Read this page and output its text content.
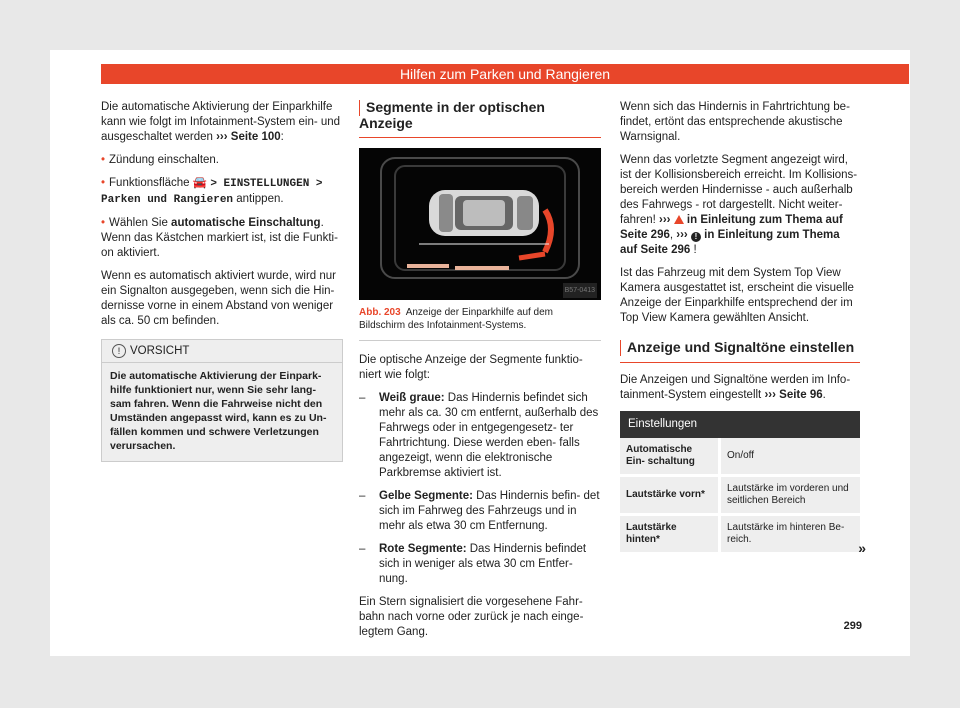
Hilfen zum Parken und Rangieren

Die automatische Aktivierung der Einparkhilfe kann wie folgt im Infotainment-System ein- und ausgeschaltet werden ››› Seite 100:

• Zündung einschalten.

• Funktionsfläche 🚘 > EINSTELLUNGEN > Parken und Rangieren antippen.

• Wählen Sie automatische Einschaltung. Wenn das Kästchen markiert ist, ist die Funkti- on aktiviert.

Wenn es automatisch aktiviert wurde, wird nur ein Signalton ausgegeben, wenn sich die Hin- dernisse vorne in einem Abstand von weniger als ca. 50 cm befinden.

! VORSICHT
Die automatische Aktivierung der Einpark- hilfe funktioniert nur, wenn Sie sehr lang- sam fahren. Wenn die Fahrweise nicht den Umständen angepasst wird, kann es zu Un- fällen kommen und schwere Verletzungen verursachen.
Segmente in der optischen Anzeige
B57-0413
Abb. 203 Anzeige der Einparkhilfe auf dem Bildschirm des Infotainment-Systems.

Die optische Anzeige der Segmente funktio- niert wie folgt:

–	Weiß graue: Das Hindernis befindet sich mehr als ca. 30 cm entfernt, außerhalb des Fahrwegs oder in entgegengesetz- ter Fahrtrichtung. Diese werden eben- falls angezeigt, wenn die elektronische Parkbremse aktiviert ist.
–	Gelbe Segmente: Das Hindernis befin- det sich im Fahrweg des Fahrzeugs und in mehr als etwa 30 cm Entfernung.
–	Rote Segmente: Das Hindernis befindet sich in weniger als etwa 30 cm Entfer- nung.

Ein Stern signalisiert die vorgesehene Fahr- bahn nach vorne oder zurück je nach einge- legtem Gang.

Wenn sich das Hindernis in Fahrtrichtung be- findet, ertönt das entsprechende akustische Warnsignal.

Wenn das vorletzte Segment angezeigt wird, ist der Kollisionsbereich erreicht. Im Kollisions- bereich werden Hindernisse - auch außerhalb des Fahrwegs - rot dargestellt. Nicht weiter- fahren! ›››  in Einleitung zum Thema auf Seite 296, ››› ! in Einleitung zum Thema auf Seite 296 !

Ist das Fahrzeug mit dem System Top View Kamera ausgestattet ist, erscheint die visuelle Anzeige der Einparkhilfe entsprechend der im Top View Kamera gewählten Ansicht.

Anzeige und Signaltöne einstellen

Die Anzeigen und Signaltöne werden im Info- tainment-System eingestellt ››› Seite 96.

Einstellungen	
Automatische Ein- schaltung	On/off
Lautstärke vorn*	Lautstärke im vorderen und seitlichen Bereich
Lautstärke hinten*	Lautstärke im hinteren Be- reich.
»
299
